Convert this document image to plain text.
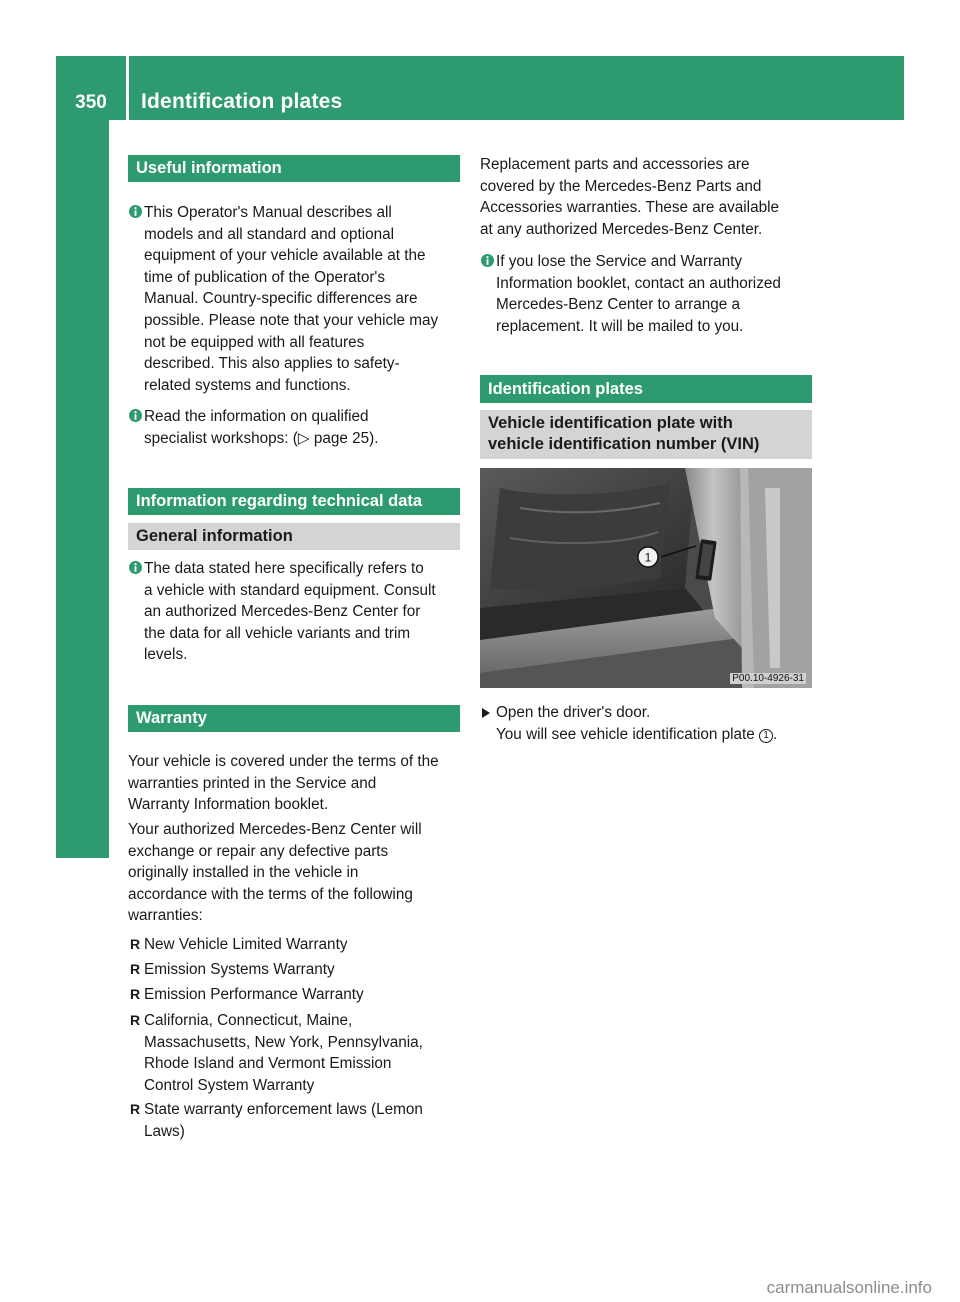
350	Identification plates
Technical data
Useful information
This Operator's Manual describes all
models and all standard and optional
equipment of your vehicle available at the
time of publication of the Operator's
Manual. Country-specific differences are
possible. Please note that your vehicle may
not be equipped with all features
described. This also applies to safety-
related systems and functions.
Read the information on qualified
specialist workshops: (▷ page 25).
Information regarding technical data
General information
The data stated here specifically refers to
a vehicle with standard equipment. Consult
an authorized Mercedes-Benz Center for
the data for all vehicle variants and trim
levels.
Warranty
Your vehicle is covered under the terms of the
warranties printed in the Service and
Warranty Information booklet.
Your authorized Mercedes-Benz Center will
exchange or repair any defective parts
originally installed in the vehicle in
accordance with the terms of the following
warranties:
R New Vehicle Limited Warranty
R Emission Systems Warranty
R Emission Performance Warranty
R California, Connecticut, Maine,
Massachusetts, New York, Pennsylvania,
Rhode Island and Vermont Emission
Control System Warranty
R State warranty enforcement laws (Lemon
Laws)
Replacement parts and accessories are
covered by the Mercedes-Benz Parts and
Accessories warranties. These are available
at any authorized Mercedes-Benz Center.
If you lose the Service and Warranty
Information booklet, contact an authorized
Mercedes-Benz Center to arrange a
replacement. It will be mailed to you.
Identification plates
Vehicle identification plate with
vehicle identification number (VIN)
1
P00.10-4926-31
Open the driver's door.
You will see vehicle identification plate 1 .
carmanualsonline.info
